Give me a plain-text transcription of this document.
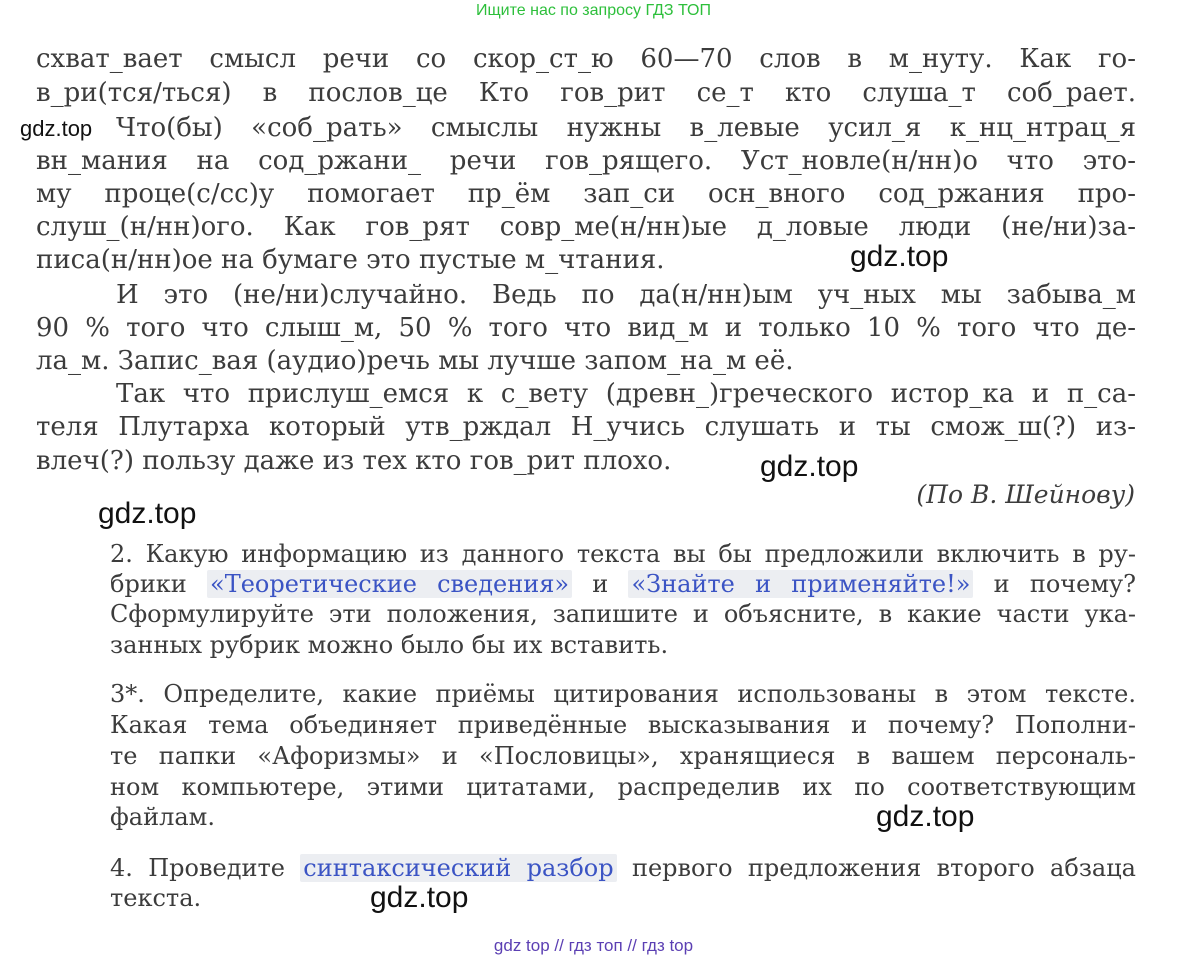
Ищите нас по запросу ГДЗ ТОП
схват_вает смысл речи со скор_ст_ю 60—70 слов в м_нуту. Как го-
в_ри(тся/ться) в послов_це Кто гов_рит се_т кто слуша_т соб_рает.
Что(бы) «соб_рать» смыслы нужны в_левые усил_я к_нц_нтрац_я
вн_мания на сод_ржани_ речи гов_рящего. Уст_новле(н/нн)о что это-
му проце(с/сс)у помогает пр_ём зап_си осн_вного сод_ржания про-
слуш_(н/нн)ого. Как гов_рят совр_ме(н/нн)ые д_ловые люди (не/ни)за-
писа(н/нн)ое на бумаге это пустые м_чтания.
И это (не/ни)случайно. Ведь по да(н/нн)ым уч_ных мы забыва_м
90 % того что слыш_м, 50 % того что вид_м и только 10 % того что де-
ла_м. Запис_вая (аудио)речь мы лучше запом_на_м её.
Так что прислуш_емся к с_вету (древн_)греческого истор_ка и п_са-
теля Плутарха который утв_рждал Н_учись слушать и ты смож_ш(?) из-
влеч(?) пользу даже из тех кто гов_рит плохо.
(По В. Шейнову)
2. Какую информацию из данного текста вы бы предложили включить в ру-
брики «Теоретические сведения» и «Знайте и применяйте!» и почему?
Сформулируйте эти положения, запишите и объясните, в какие части ука-
занных рубрик можно было бы их вставить.
3*. Определите, какие приёмы цитирования использованы в этом тексте.
Какая тема объединяет приведённые высказывания и почему? Пополни-
те папки «Афоризмы» и «Пословицы», хранящиеся в вашем персональ-
ном компьютере, этими цитатами, распределив их по соответствующим
файлам.
4. Проведите синтаксический разбор первого предложения второго абзаца
текста.
gdz.top
gdz.top
gdz.top
gdz.top
gdz.top
gdz.top
gdz top // гдз топ // гдз top
